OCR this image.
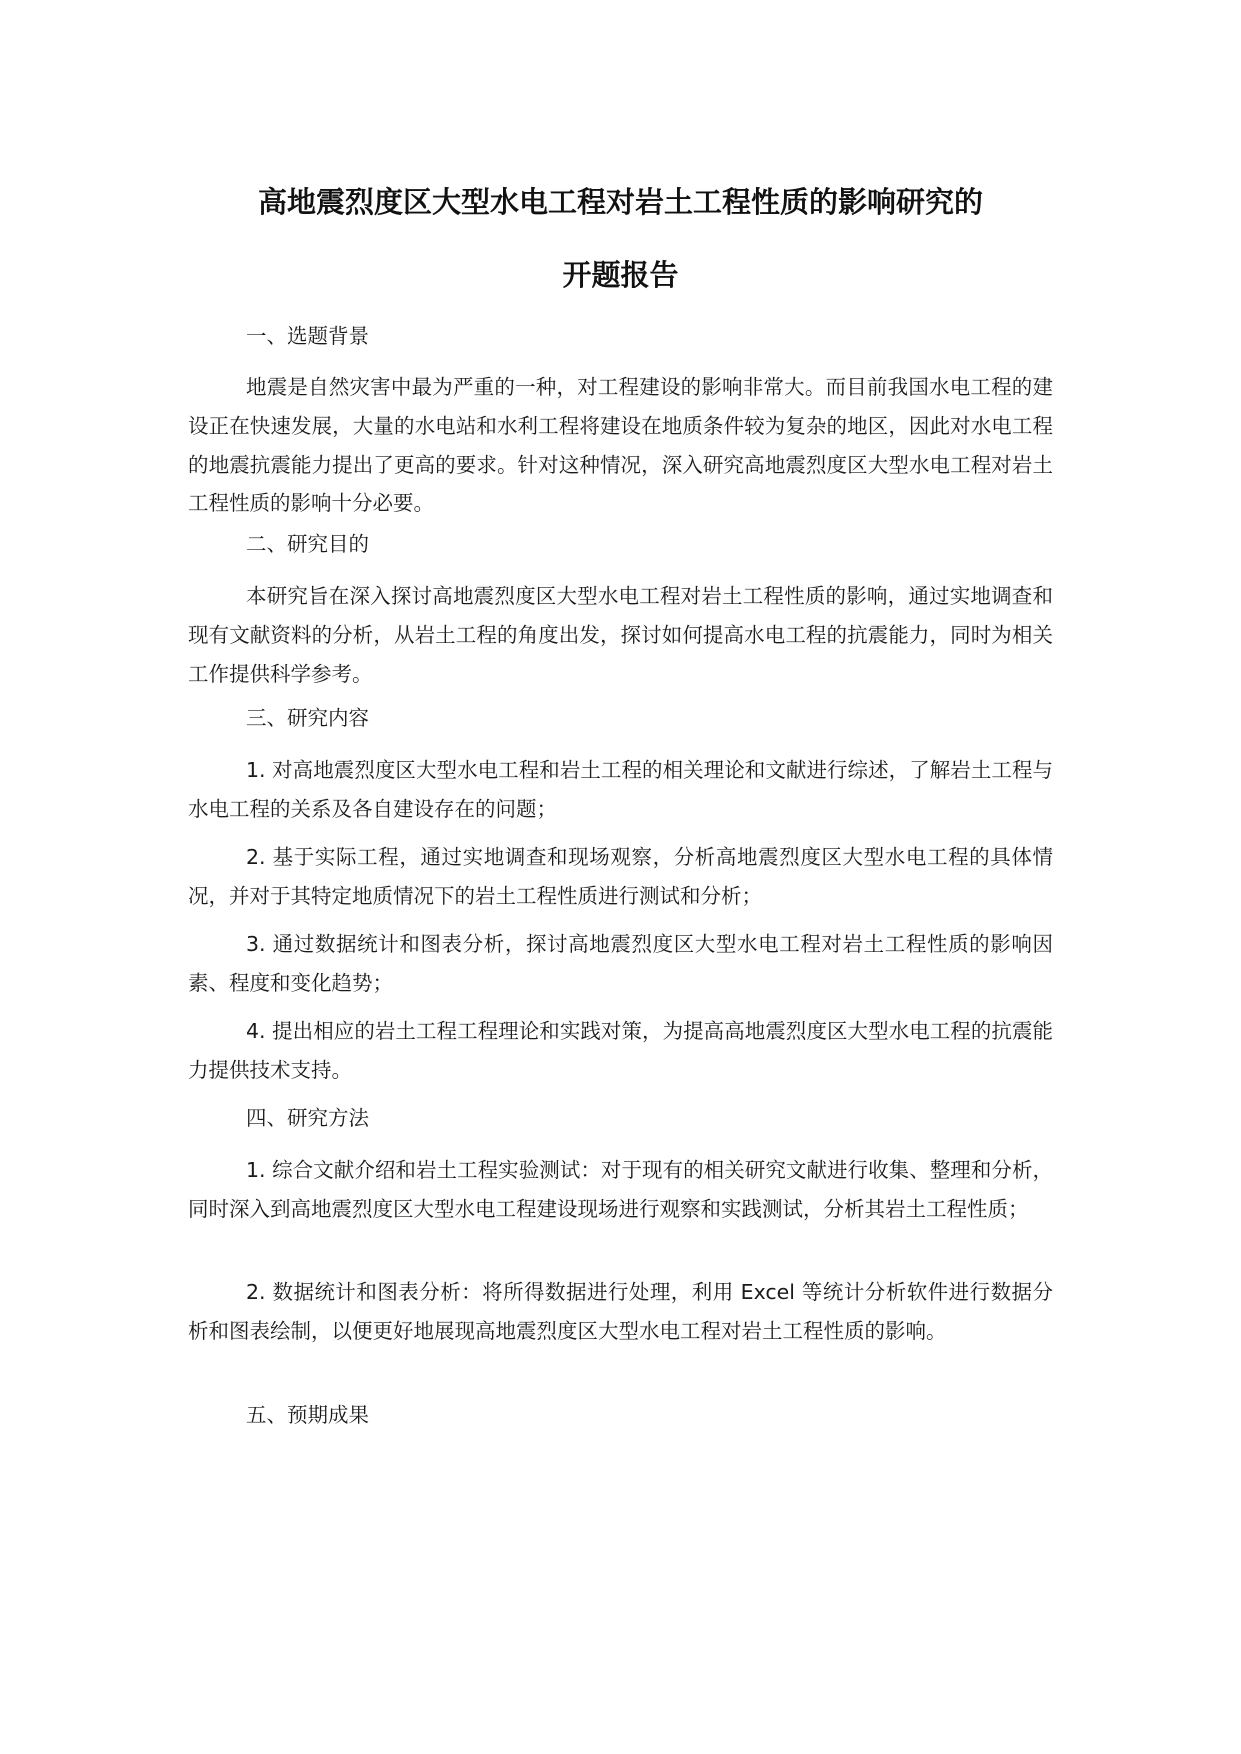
高地震烈度区大型水电工程对岩土工程性质的影响研究的
开题报告
一、选题背景

地震是自然灾害中最为严重的一种，对工程建设的影响非常大。而目前我国水电工程的建设正在快速发展，大量的水电站和水利工程将建设在地质条件较为复杂的地区，因此对水电工程的地震抗震能力提出了更高的要求。针对这种情况，深入研究高地震烈度区大型水电工程对岩土工程性质的影响十分必要。

二、研究目的

本研究旨在深入探讨高地震烈度区大型水电工程对岩土工程性质的影响，通过实地调查和现有文献资料的分析，从岩土工程的角度出发，探讨如何提高水电工程的抗震能力，同时为相关工作提供科学参考。

三、研究内容

1. 对高地震烈度区大型水电工程和岩土工程的相关理论和文献进行综述，了解岩土工程与水电工程的关系及各自建设存在的问题；

2. 基于实际工程，通过实地调查和现场观察，分析高地震烈度区大型水电工程的具体情况，并对于其特定地质情况下的岩土工程性质进行测试和分析；

3. 通过数据统计和图表分析，探讨高地震烈度区大型水电工程对岩土工程性质的影响因素、程度和变化趋势；

4. 提出相应的岩土工程工程理论和实践对策，为提高高地震烈度区大型水电工程的抗震能力提供技术支持。

四、研究方法

1. 综合文献介绍和岩土工程实验测试：对于现有的相关研究文献进行收集、整理和分析，同时深入到高地震烈度区大型水电工程建设现场进行观察和实践测试，分析其岩土工程性质；

2. 数据统计和图表分析：将所得数据进行处理，利用 Excel 等统计分析软件进行数据分析和图表绘制，以便更好地展现高地震烈度区大型水电工程对岩土工程性质的影响。

五、预期成果
